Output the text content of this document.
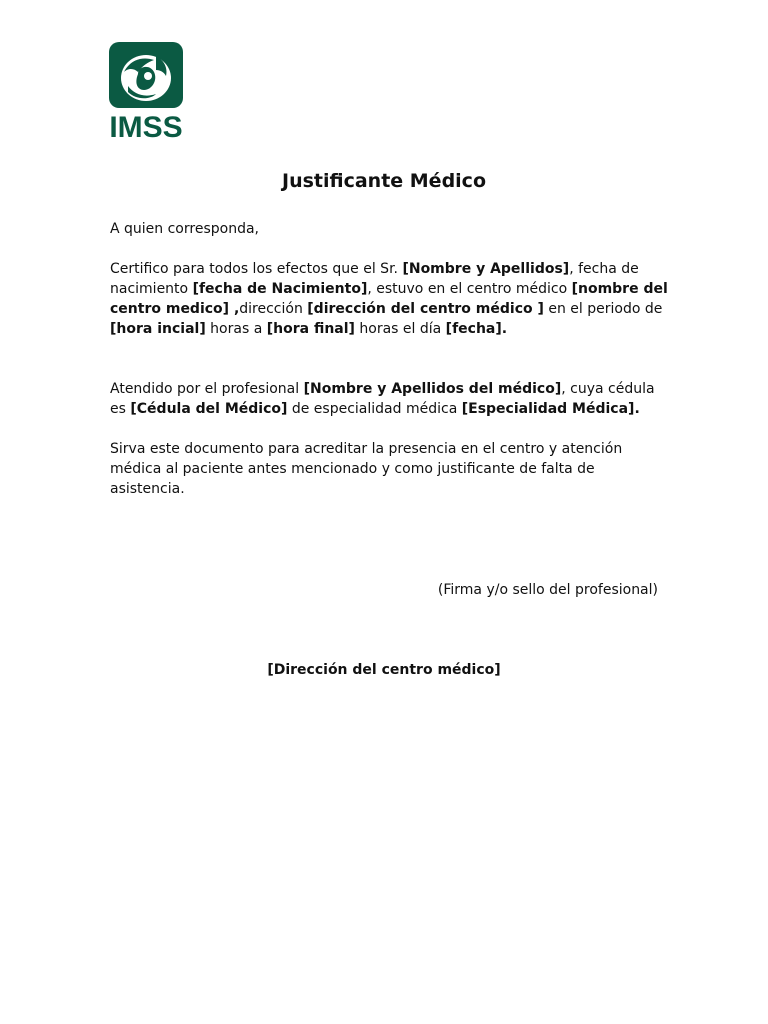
IMSS
Justificante Médico

A quien corresponda,

Certifico para todos los efectos que el Sr. [Nombre y Apellidos], fecha de nacimiento [fecha de Nacimiento], estuvo en el centro médico [nombre del centro medico] ,dirección [dirección del centro médico ] en el periodo de [hora incial] horas a [hora final] horas el día [fecha].

Atendido por el profesional [Nombre y Apellidos del médico], cuya cédula es [Cédula del Médico] de especialidad médica [Especialidad Médica].

Sirva este documento para acreditar la presencia en el centro y atención médica al paciente antes mencionado y como justificante de falta de asistencia.

(Firma y/o sello del profesional)

[Dirección del centro médico]
